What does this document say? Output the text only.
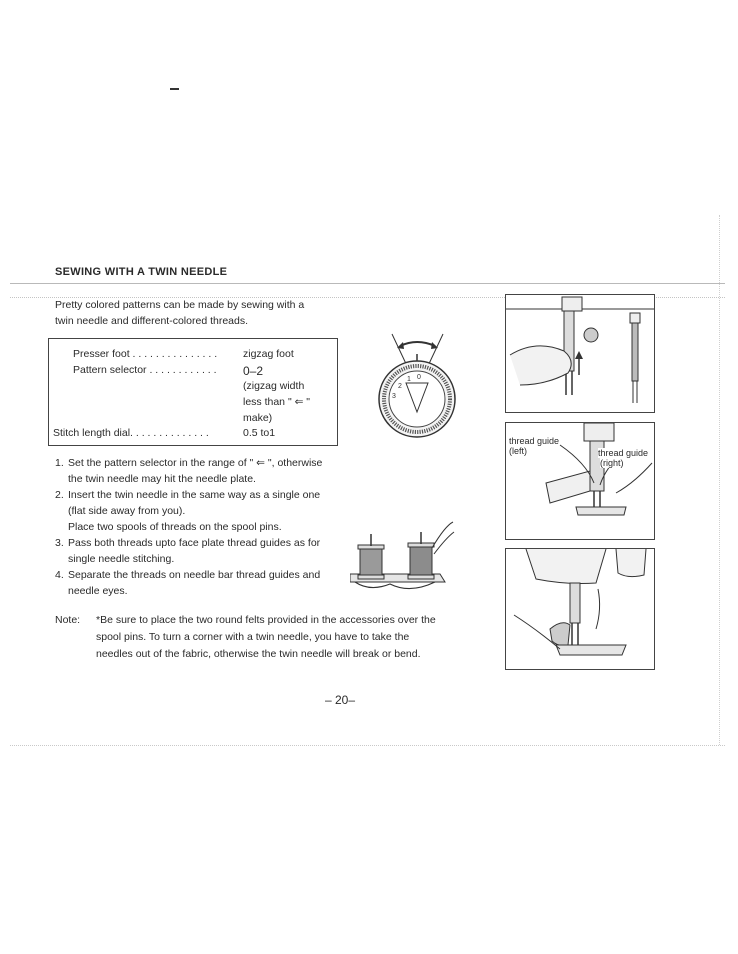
SEWING WITH A TWIN NEEDLE
Pretty colored patterns can be made by sewing with a
twin needle and different-colored threads.
Presser foot . . . . . . . . . . . . . . . zigzag foot
Pattern selector . . . . . . . . . . . . 0–2
(zigzag width
less than " ⇐ "
make)
Stitch length dial. . . . . . . . . . . . . .	0.5 to1
3
2
1 0
1. Set the pattern selector in the range of " ⇐ ", otherwise the twin needle may hit the needle plate.
2. Insert the twin needle in the same way as a single one (flat side away from you).
Place two spools of threads on the spool pins.
3. Pass both threads upto face plate thread guides as for single needle stitching.
4. Separate the threads on needle bar thread guides and needle eyes.
Note: *Be sure to place the two round felts provided in the accessories over the spool pins. To turn a corner with a twin needle, you have to take the needles out of the fabric, otherwise the twin needle will break or bend.
– 20–
thread guide
(left)	thread guide
(right)
